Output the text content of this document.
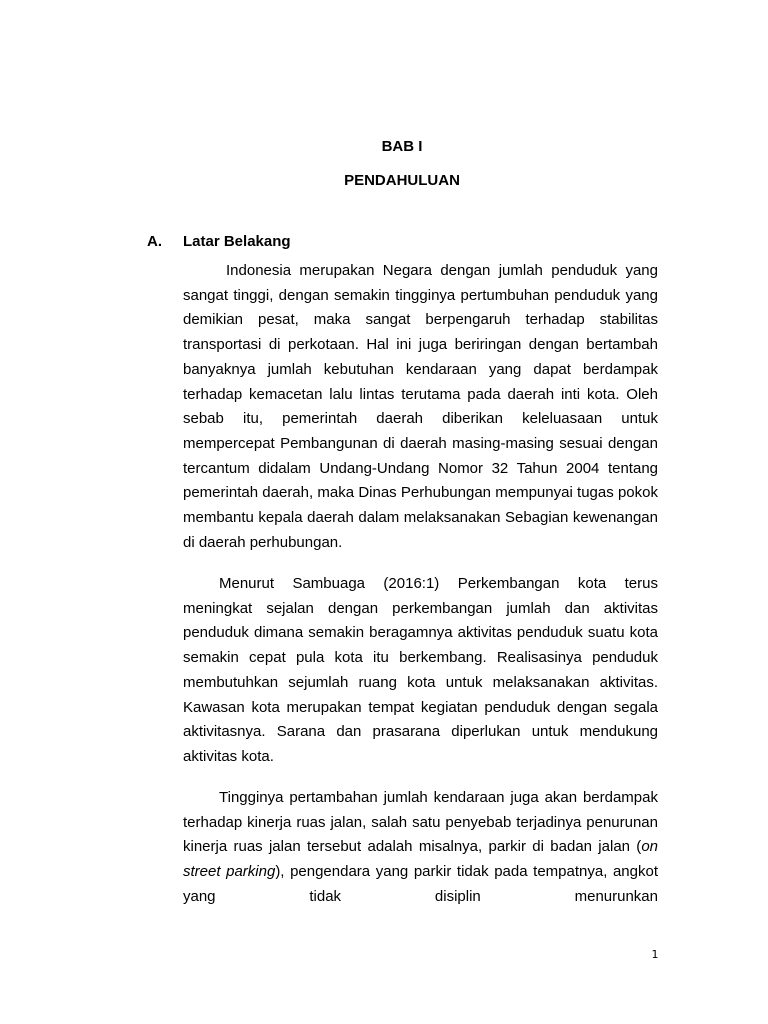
BAB I

PENDAHULUAN

A. Latar Belakang

Indonesia merupakan Negara dengan jumlah penduduk yang sangat tinggi, dengan semakin tingginya pertumbuhan penduduk yang demikian pesat, maka sangat berpengaruh terhadap stabilitas transportasi di perkotaan. Hal ini juga beriringan dengan bertambah banyaknya jumlah kebutuhan kendaraan yang dapat berdampak terhadap kemacetan lalu lintas terutama pada daerah inti kota. Oleh sebab itu, pemerintah daerah diberikan keleluasaan untuk mempercepat Pembangunan di daerah masing-masing sesuai dengan tercantum didalam Undang-Undang Nomor 32 Tahun 2004 tentang pemerintah daerah, maka Dinas Perhubungan mempunyai tugas pokok membantu kepala daerah dalam melaksanakan Sebagian kewenangan di daerah perhubungan.

Menurut Sambuaga (2016:1) Perkembangan kota terus meningkat sejalan dengan perkembangan jumlah dan aktivitas penduduk dimana semakin beragamnya aktivitas penduduk suatu kota semakin cepat pula kota itu berkembang. Realisasinya penduduk membutuhkan sejumlah ruang kota untuk melaksanakan aktivitas. Kawasan kota merupakan tempat kegiatan penduduk dengan segala aktivitasnya. Sarana dan prasarana diperlukan untuk mendukung aktivitas kota.

Tingginya pertambahan jumlah kendaraan juga akan berdampak terhadap kinerja ruas jalan, salah satu penyebab terjadinya penurunan kinerja ruas jalan tersebut adalah misalnya, parkir di badan jalan (on street parking), pengendara yang parkir tidak pada tempatnya, angkot yang tidak disiplin menurunkan

1
